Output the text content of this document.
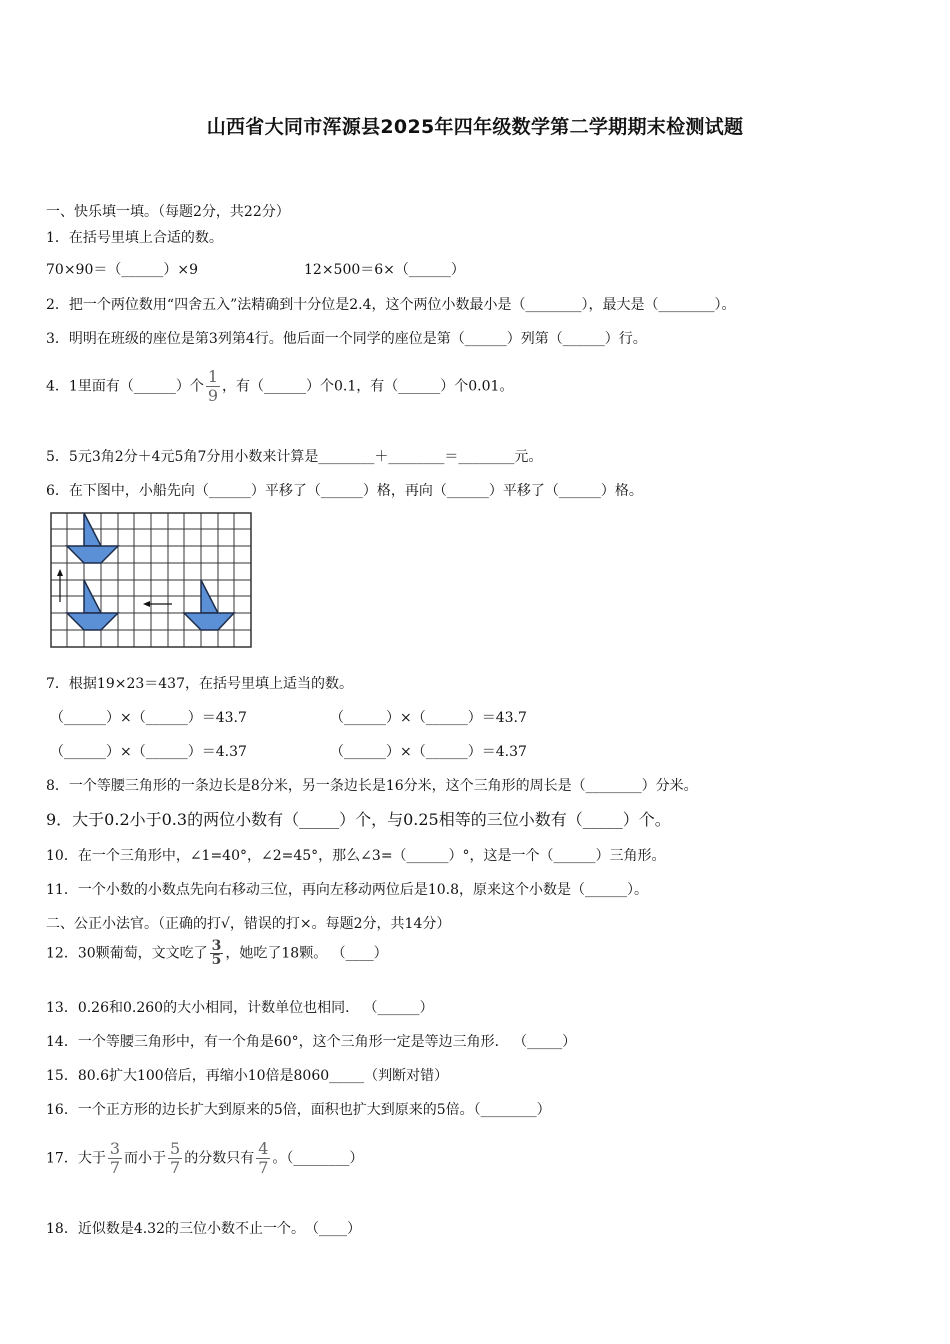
山西省大同市浑源县2025年四年级数学第二学期期末检测试题
一、快乐填一填。（每题2分，共22分）
1．在括号里填上合适的数。
70×90＝（______）×9	12×500＝6×（______）
2．把一个两位数用“四舍五入”法精确到十分位是2.4，这个两位小数最小是（________），最大是（________）。
3．明明在班级的座位是第3列第4行。他后面一个同学的座位是第（______）列第（______）行。
4．1里面有（______）个 $\frac{1}{9}$ ，有（______）个0.1，有（______）个0.01。
5．5元3角2分＋4元5角7分用小数来计算是________＋________＝________元。
6．在下图中，小船先向（______）平移了（______）格，再向（______）平移了（______）格。
7．根据19×23＝437，在括号里填上适当的数。
（______）×（______）＝43.7	（______）×（______）＝43.7
（______）×（______）＝4.37	（______）×（______）＝4.37
8．一个等腰三角形的一条边长是8分米，另一条边长是16分米，这个三角形的周长是（________）分米。
9．大于0.2小于0.3的两位小数有（_____）个，与0.25相等的三位小数有（_____）个。
10．在一个三角形中，∠1=40°，∠2=45°，那么∠3=（______）°，这是一个（______）三角形。
11．一个小数的小数点先向右移动三位，再向左移动两位后是10.8，原来这个小数是（______）。
二、公正小法官。（正确的打√，错误的打×。每题2分，共14分）
12．30颗葡萄，文文吃了 $\frac{3}{5}$ ，她吃了18颗。 （____）
13．0.26和0.260的大小相同，计数单位也相同． （______）
14．一个等腰三角形中，有一个角是60°，这个三角形一定是等边三角形． （_____）
15．80.6扩大100倍后，再缩小10倍是8060_____（判断对错）
16．一个正方形的边长扩大到原来的5倍，面积也扩大到原来的5倍。（________）
17．大于 $\frac{3}{7}$ 而小于 $\frac{5}{7}$ 的分数只有 $\frac{4}{7}$ 。（________）
18．近似数是4.32的三位小数不止一个。　（____）
